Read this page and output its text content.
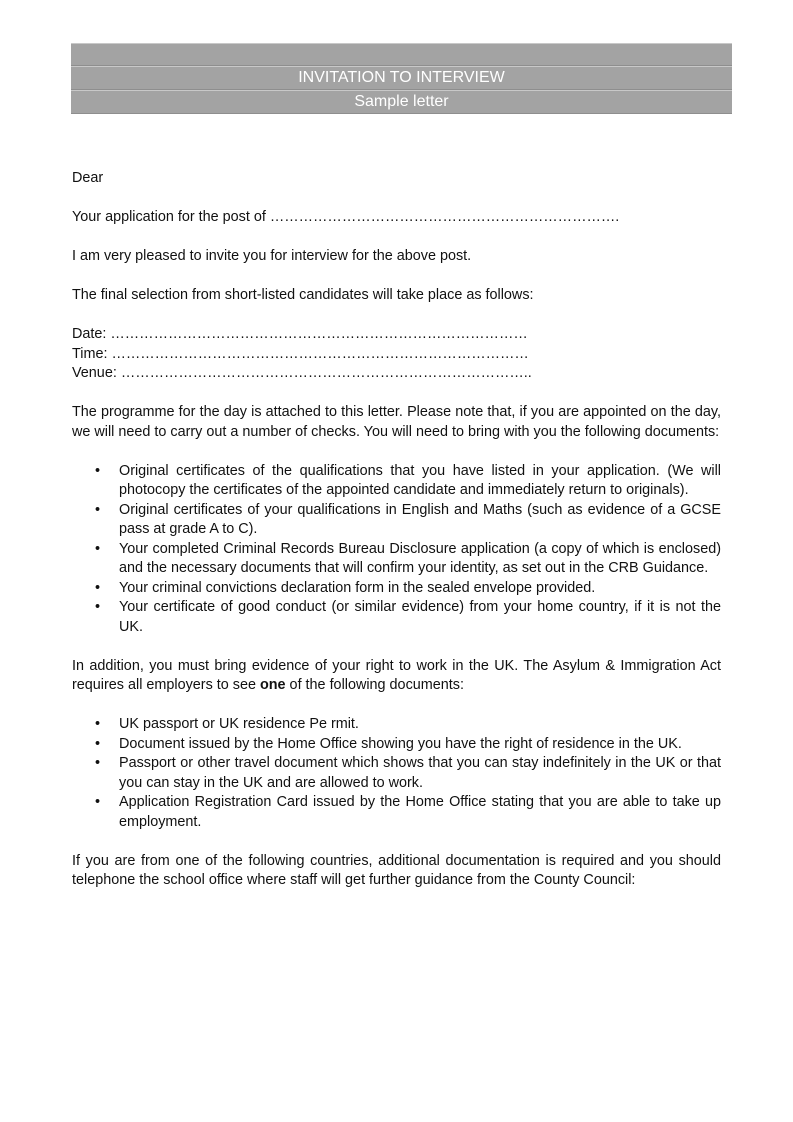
INVITATION TO INTERVIEW
Sample letter

Dear

Your application for the post of ……………………………………………………………….

I am very pleased to invite you for interview for the above post.

The final selection from short-listed candidates will take place as follows:

Date: ……………………………………………………………………………

Time: ……………………………………………………………………………

Venue: …………………………………………………………………………..

The programme for the day is attached to this letter. Please note that, if you are appointed on the day, we will need to carry out a number of checks. You will need to bring with you the following documents:

• Original certificates of the qualifications that you have listed in your application. (We will photocopy the certificates of the appointed candidate and immediately return to originals).
• Original certificates of your qualifications in English and Maths (such as evidence of a GCSE pass at grade A to C).
• Your completed Criminal Records Bureau Disclosure application (a copy of which is enclosed) and the necessary documents that will confirm your identity, as set out in the CRB Guidance.
• Your criminal convictions declaration form in the sealed envelope provided.
• Your certificate of good conduct (or similar evidence) from your home country, if it is not the UK.

In addition, you must bring evidence of your right to work in the UK. The Asylum & Immigration Act requires all employers to see one of the following documents:

• UK passport or UK residence Pe rmit.
• Document issued by the Home Office showing you have the right of residence in the UK.
• Passport or other travel document which shows that you can stay indefinitely in the UK or that you can stay in the UK and are allowed to work.
• Application Registration Card issued by the Home Office stating that you are able to take up employment.

If you are from one of the following countries, additional documentation is required and you should telephone the school office where staff will get further guidance from the County Council:
